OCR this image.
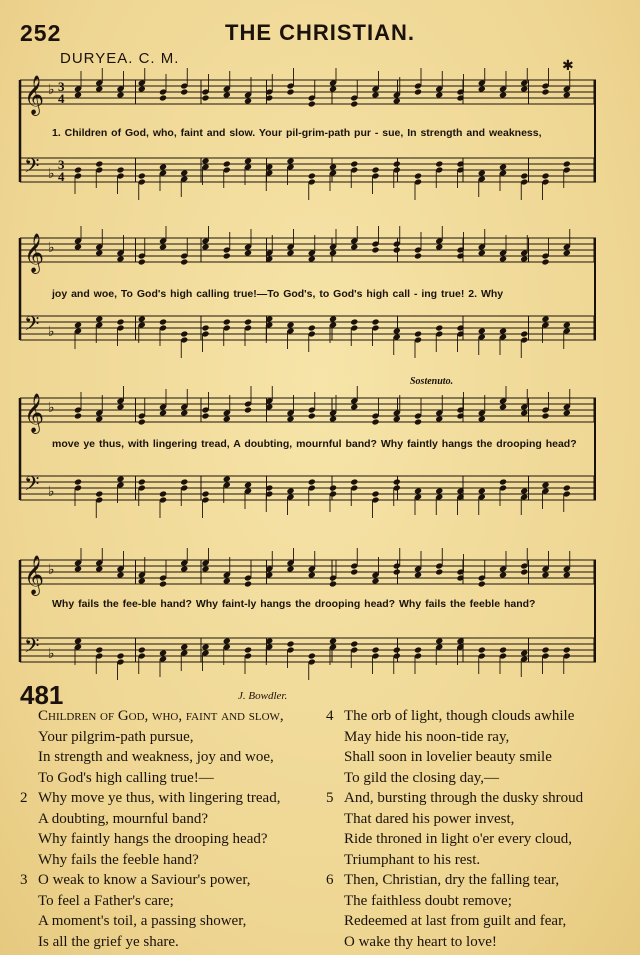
252	THE CHRISTIAN.
DURYEA. C. M.	✱
𝄞 ♭
𝄢 ♭
3
3
4
4
1. Children of God, who, faint and slow. Your pil-grim-path pur - sue, In strength and weakness,
𝄞 ♭
𝄢 ♭
joy and woe, To God's high calling true!—To God's, to God's high call - ing true! 2. Why
𝄞 ♭
𝄢 ♭
Sostenuto.
move ye thus, with lingering tread, A doubting, mournful band? Why faintly hangs the drooping head?
𝄞 ♭
𝄢 ♭
Why fails the fee-ble hand? Why faint-ly hangs the drooping head? Why fails the feeble hand?
481	J. Bowdler.
Children of God, who, faint and slow,
Your pilgrim-path pursue,
In strength and weakness, joy and woe,
To God's high calling true!—
2 Why move ye thus, with lingering tread,
A doubting, mournful band?
Why faintly hangs the drooping head?
Why fails the feeble hand?
3 O weak to know a Saviour's power,
To feel a Father's care;
A moment's toil, a passing shower,
Is all the grief ye share.
4 The orb of light, though clouds awhile
May hide his noon-tide ray,
Shall soon in lovelier beauty smile
To gild the closing day,—
5 And, bursting through the dusky shroud
That dared his power invest,
Ride throned in light o'er every cloud,
Triumphant to his rest.
6 Then, Christian, dry the falling tear,
The faithless doubt remove;
Redeemed at last from guilt and fear,
O wake thy heart to love!
